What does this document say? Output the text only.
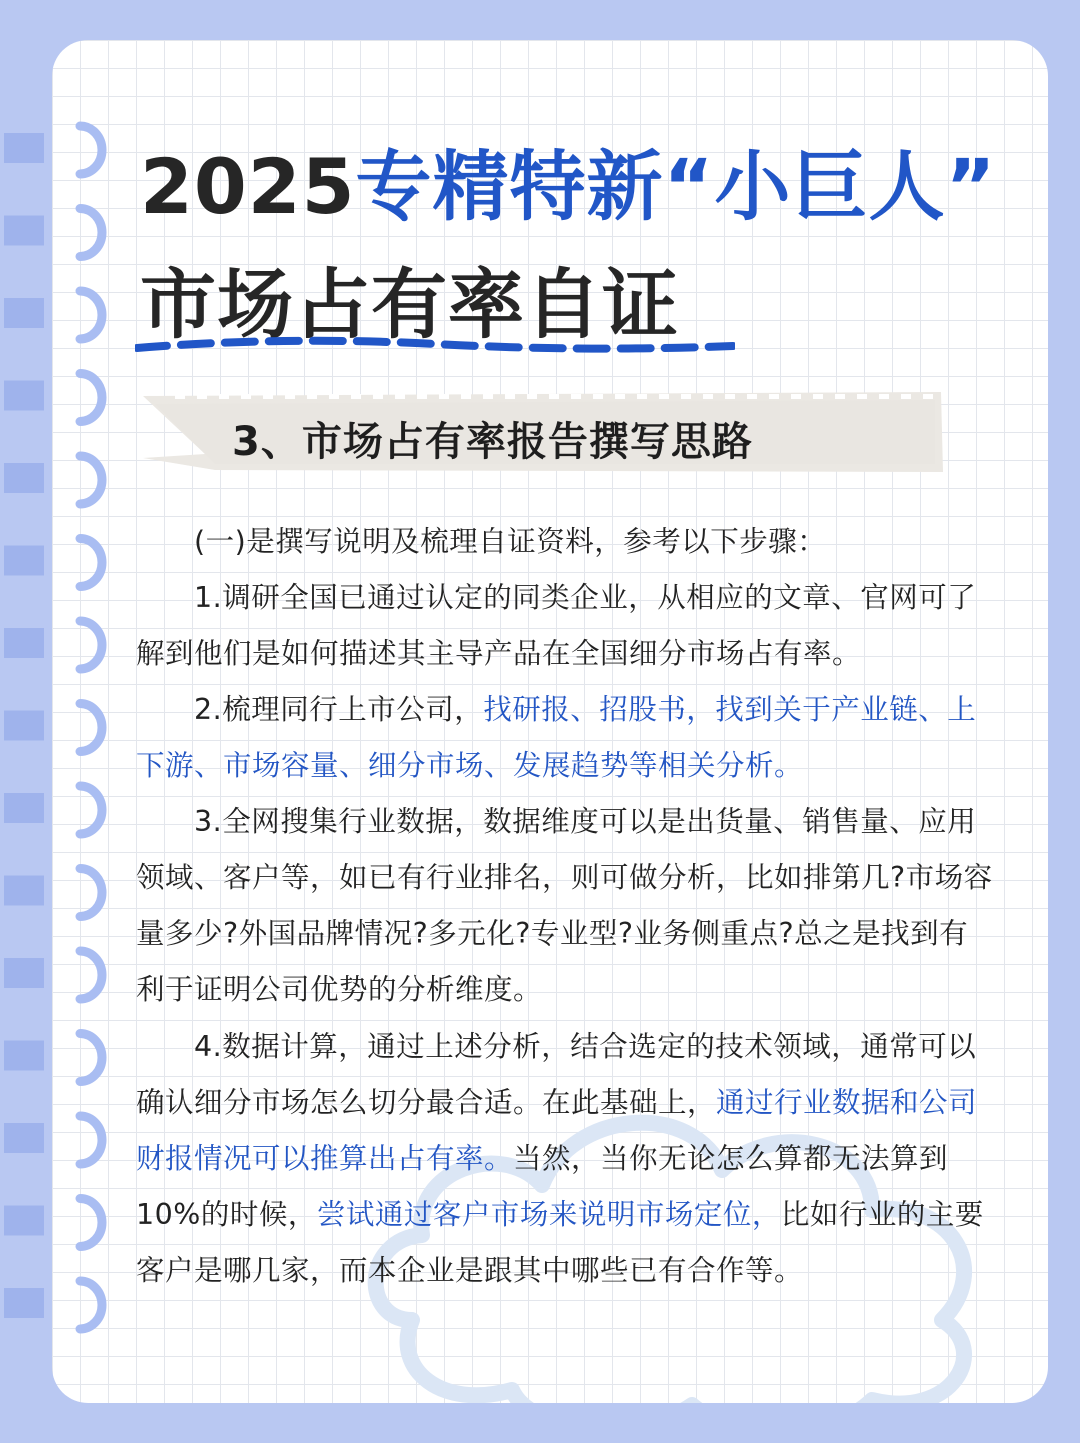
2025专精特新“小巨人”
市场占有率自证
3、市场占有率报告撰写思路

(一)是撰写说明及梳理自证资料，参考以下步骤：

1.调研全国已通过认定的同类企业，从相应的文章、官网可了解到他们是如何描述其主导产品在全国细分市场占有率。

2.梳理同行上市公司，找研报、招股书，找到关于产业链、上下游、市场容量、细分市场、发展趋势等相关分析。

3.全网搜集行业数据，数据维度可以是出货量、销售量、应用领域、客户等，如已有行业排名，则可做分析，比如排第几?市场容量多少?外国品牌情况?多元化?专业型?业务侧重点?总之是找到有利于证明公司优势的分析维度。

4.数据计算，通过上述分析，结合选定的技术领域，通常可以确认细分市场怎么切分最合适。在此基础上，通过行业数据和公司财报情况可以推算出占有率。当然，当你无论怎么算都无法算到10%的时候，尝试通过客户市场来说明市场定位，比如行业的主要客户是哪几家，而本企业是跟其中哪些已有合作等。
